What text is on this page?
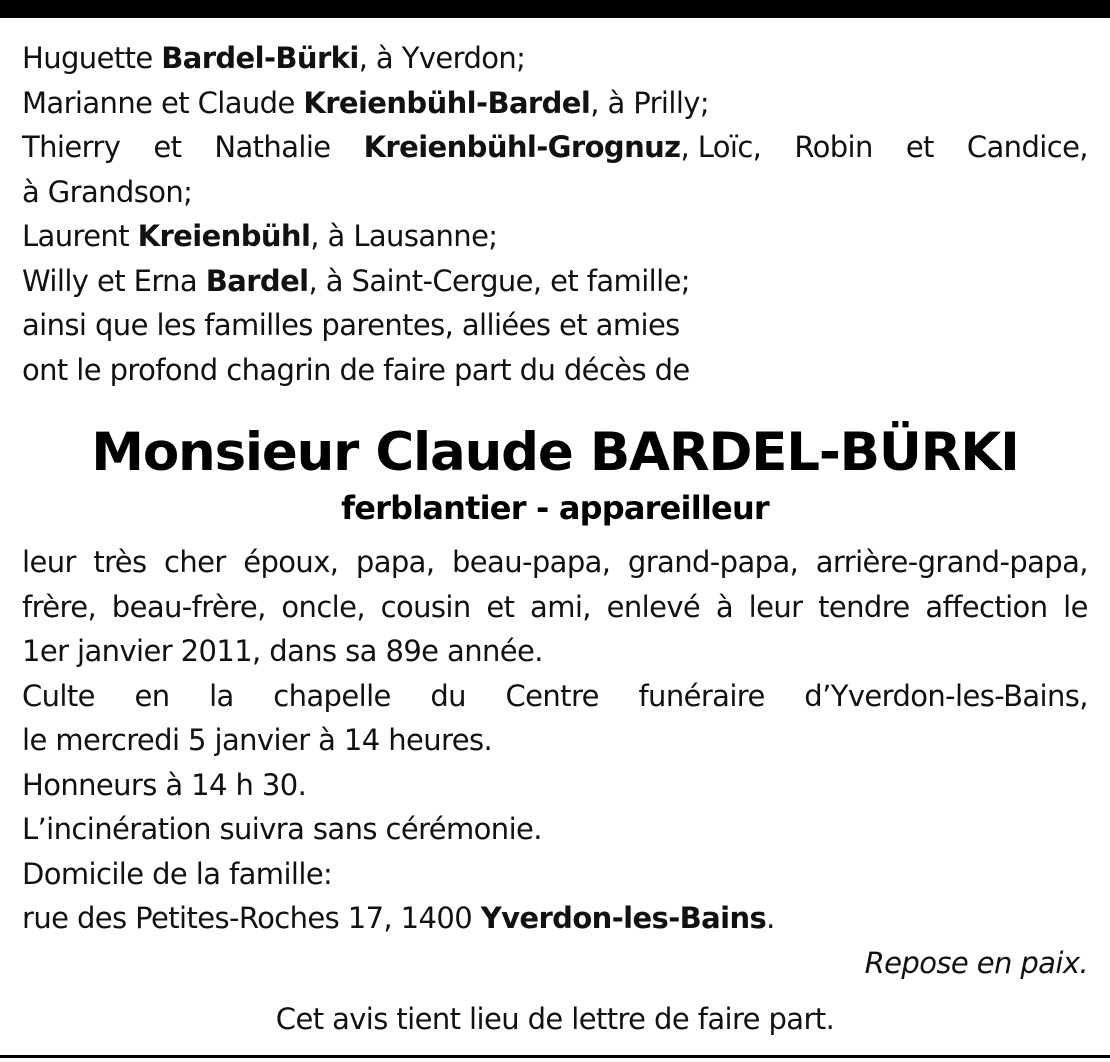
Huguette Bardel-Bürki, à Yverdon;
Marianne et Claude Kreienbühl-Bardel, à Prilly;
Thierry et Nathalie Kreienbühl-Grognuz, Loïc, Robin et Candice,
à Grandson;
Laurent Kreienbühl, à Lausanne;
Willy et Erna Bardel, à Saint-Cergue, et famille;
ainsi que les familles parentes, alliées et amies
ont le profond chagrin de faire part du décès de
Monsieur Claude BARDEL-BÜRKI
ferblantier - appareilleur
leur très cher époux, papa, beau-papa, grand-papa, arrière-grand-papa,
frère, beau-frère, oncle, cousin et ami, enlevé à leur tendre affection le
1er janvier 2011, dans sa 89e année.
Culte en la chapelle du Centre funéraire d’Yverdon-les-Bains,
le mercredi 5 janvier à 14 heures.
Honneurs à 14 h 30.
L’incinération suivra sans cérémonie.
Domicile de la famille:
rue des Petites-Roches 17, 1400 Yverdon-les-Bains.
Repose en paix.
Cet avis tient lieu de lettre de faire part.
